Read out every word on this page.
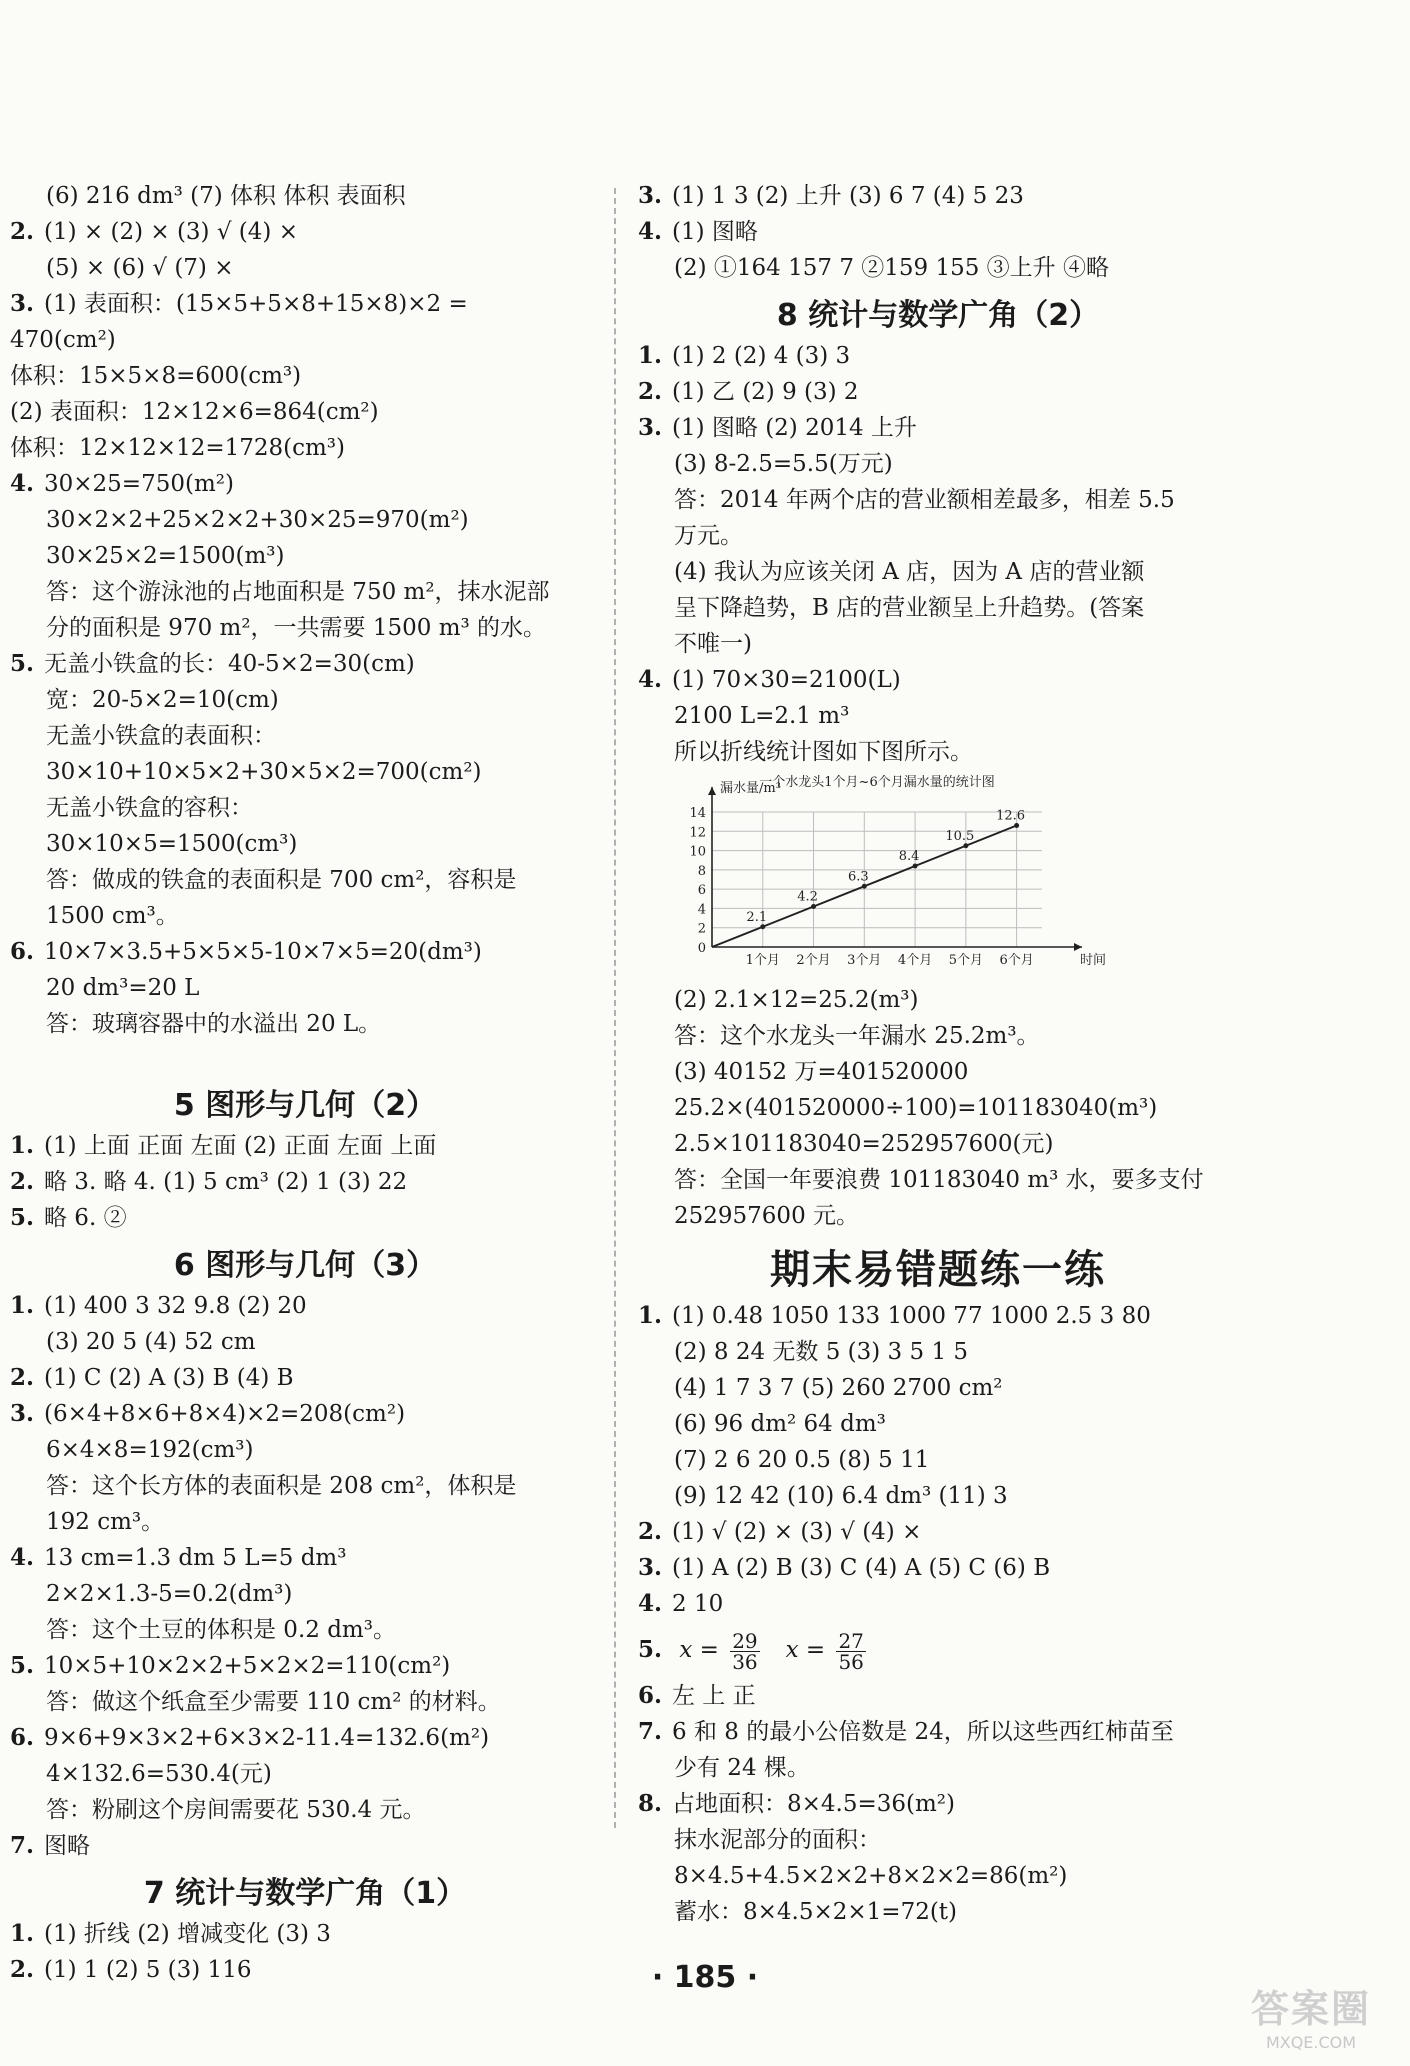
(6) 216 dm³ (7) 体积 体积 表面积
2. (1) × (2) × (3) √ (4) ×
(5) × (6) √ (7) ×
3. (1) 表面积：(15×5+5×8+15×8)×2 =
470(cm²)
体积：15×5×8=600(cm³)
(2) 表面积：12×12×6=864(cm²)
体积：12×12×12=1728(cm³)
4. 30×25=750(m²)
30×2×2+25×2×2+30×25=970(m²)
30×25×2=1500(m³)
答：这个游泳池的占地面积是 750 m²，抹水泥部
分的面积是 970 m²，一共需要 1500 m³ 的水。
5. 无盖小铁盒的长：40-5×2=30(cm)
宽：20-5×2=10(cm)
无盖小铁盒的表面积：
30×10+10×5×2+30×5×2=700(cm²)
无盖小铁盒的容积：
30×10×5=1500(cm³)
答：做成的铁盒的表面积是 700 cm²，容积是
1500 cm³。
6. 10×7×3.5+5×5×5-10×7×5=20(dm³)
20 dm³=20 L
答：玻璃容器中的水溢出 20 L。
5 图形与几何（2）
1. (1) 上面 正面 左面 (2) 正面 左面 上面
2. 略 3. 略 4. (1) 5 cm³ (2) 1 (3) 22
5. 略 6. ②
6 图形与几何（3）
1. (1) 400 3 32 9.8 (2) 20
(3) 20 5 (4) 52 cm
2. (1) C (2) A (3) B (4) B
3. (6×4+8×6+8×4)×2=208(cm²)
6×4×8=192(cm³)
答：这个长方体的表面积是 208 cm²，体积是
192 cm³。
4. 13 cm=1.3 dm 5 L=5 dm³
2×2×1.3-5=0.2(dm³)
答：这个土豆的体积是 0.2 dm³。
5. 10×5+10×2×2+5×2×2=110(cm²)
答：做这个纸盒至少需要 110 cm² 的材料。
6. 9×6+9×3×2+6×3×2-11.4=132.6(m²)
4×132.6=530.4(元)
答：粉刷这个房间需要花 530.4 元。
7. 图略
7 统计与数学广角（1）
1. (1) 折线 (2) 增减变化 (3) 3
2. (1) 1 (2) 5 (3) 116
3. (1) 1 3 (2) 上升 (3) 6 7 (4) 5 23
4. (1) 图略
(2) ①164 157 7 ②159 155 ③上升 ④略
8 统计与数学广角（2）
1. (1) 2 (2) 4 (3) 3
2. (1) 乙 (2) 9 (3) 2
3. (1) 图略 (2) 2014 上升
(3) 8-2.5=5.5(万元)
答：2014 年两个店的营业额相差最多，相差 5.5
万元。
(4) 我认为应该关闭 A 店，因为 A 店的营业额
呈下降趋势，B 店的营业额呈上升趋势。(答案
不唯一)
4. (1) 70×30=2100(L)
2100 L=2.1 m³
所以折线统计图如下图所示。
0
2
4
6
8
10
12
14
1个月 2个月 3个月 4个月 5个月 6个月	时间
漏水量/m³
一个水龙头1个月~6个月漏水量的统计图
2.1
4.2
6.3
8.4
10.5
12.6
(2) 2.1×12=25.2(m³)
答：这个水龙头一年漏水 25.2m³。
(3) 40152 万=401520000
25.2×(401520000÷100)=101183040(m³)
2.5×101183040=252957600(元)
答：全国一年要浪费 101183040 m³ 水，要多支付
252957600 元。
期末易错题练一练
1. (1) 0.48 1050 133 1000 77 1000 2.5 3 80
(2) 8 24 无数 5 (3) 3 5 1 5
(4) 1 7 3 7 (5) 260 2700 cm²
(6) 96 dm² 64 dm³
(7) 2 6 20 0.5 (8) 5 11
(9) 12 42 (10) 6.4 dm³ (11) 3
2. (1) √ (2) × (3) √ (4) ×
3. (1) A (2) B (3) C (4) A (5) C (6) B
4. 2 10
5. $x = \frac{29}{36}$ $x = \frac{27}{56}$
6. 左 上 正
7. 6 和 8 的最小公倍数是 24，所以这些西红柿苗至
少有 24 棵。
8. 占地面积：8×4.5=36(m²)
抹水泥部分的面积：
8×4.5+4.5×2×2+8×2×2=86(m²)
蓄水：8×4.5×2×1=72(t)
· 185 ·
答案圈
MXQE.COM
